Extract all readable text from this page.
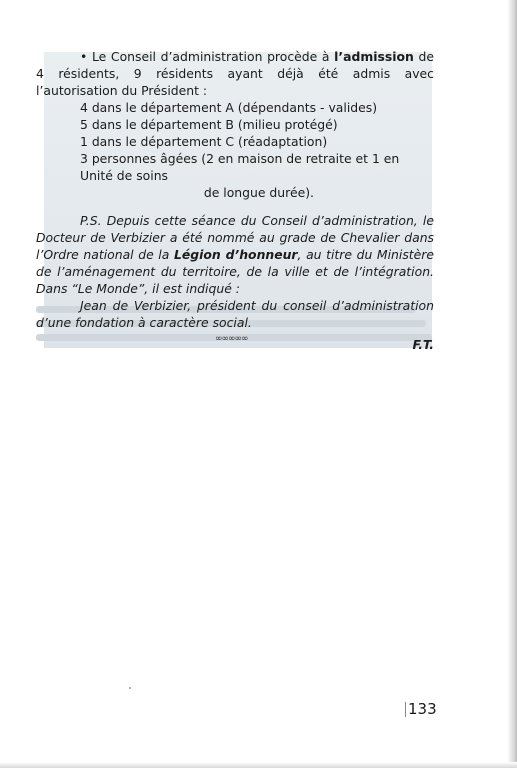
• Le Conseil d’administration procède à l’admission de 4 résidents, 9 résidents ayant déjà été admis avec l’autorisation du Président :

4 dans le département A (dépendants - valides)
5 dans le département B (milieu protégé)
1 dans le département C (réadaptation)
3 personnes âgées (2 en maison de retraite et 1 en Unité de soins
de longue durée).

P.S. Depuis cette séance du Conseil d’administration, le Docteur de Verbizier a été nommé au grade de Chevalier dans l’Ordre national de la Légion d’honneur, au titre du Ministère de l’aménagement du territoire, de la ville et de l’intégration. Dans “Le Monde”, il est indiqué :

Jean de Verbizier, président du conseil d’administration d’une fondation à caractère social.

F.T.

∞∞∞∞∞
133
